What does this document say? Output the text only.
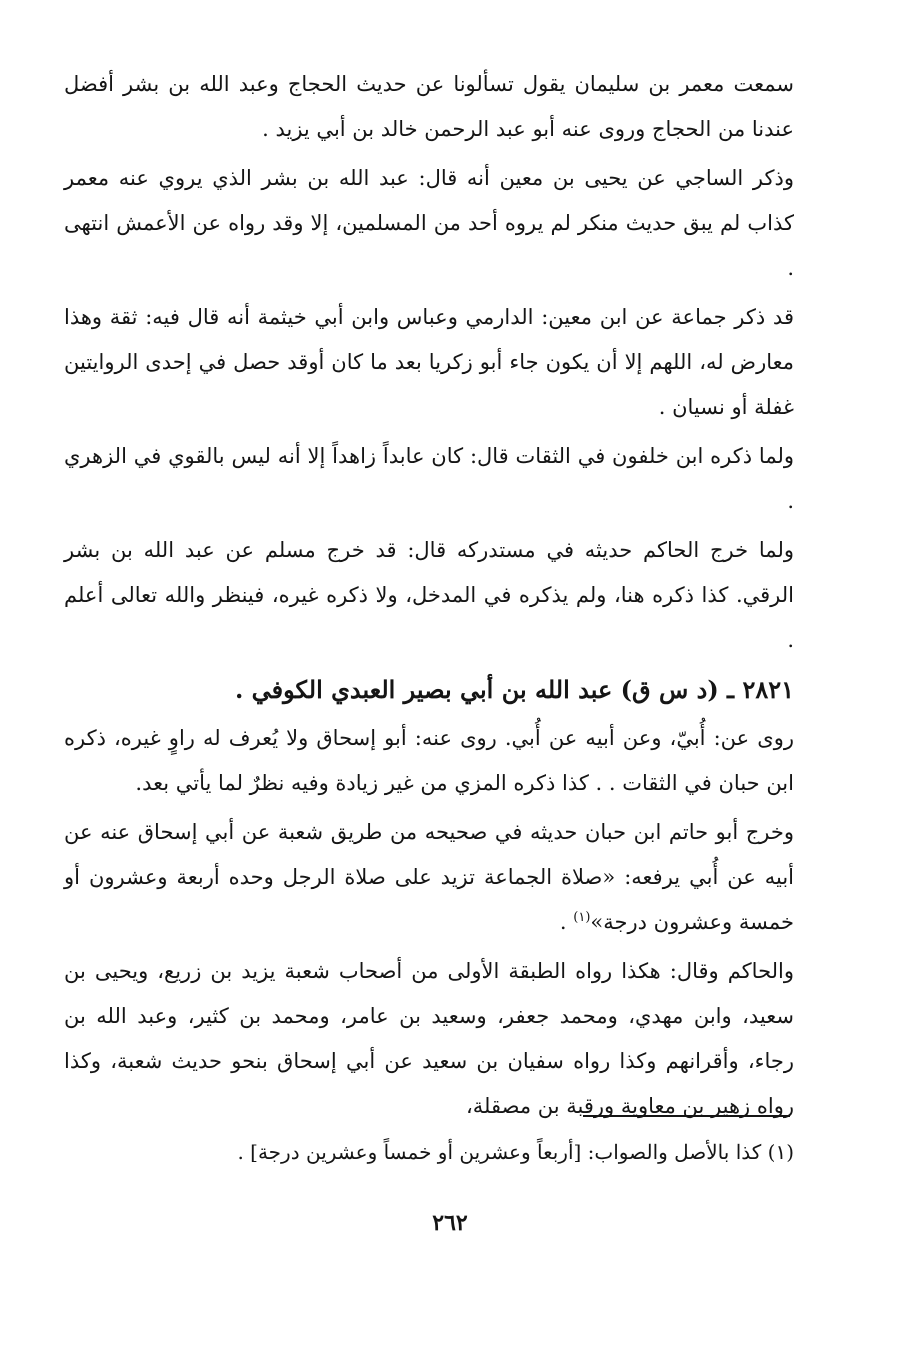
سمعت معمر بن سليمان يقول تسألونا عن حديث الحجاج وعبد الله بن بشر أفضل عندنا من الحجاج وروى عنه أبو عبد الرحمن خالد بن أبي يزيد .

وذكر الساجي عن يحيى بن معين أنه قال: عبد الله بن بشر الذي يروي عنه معمر كذاب لم يبق حديث منكر لم يروه أحد من المسلمين، إلا وقد رواه عن الأعمش انتهى .

قد ذكر جماعة عن ابن معين: الدارمي وعباس وابن أبي خيثمة أنه قال فيه: ثقة وهذا معارض له، اللهم إلا أن يكون جاء أبو زكريا بعد ما كان أوقد حصل في إحدى الروايتين غفلة أو نسيان .

ولما ذكره ابن خلفون في الثقات قال: كان عابداً زاهداً إلا أنه ليس بالقوي في الزهري .

ولما خرج الحاكم حديثه في مستدركه قال: قد خرج مسلم عن عبد الله بن بشر الرقي. كذا ذكره هنا، ولم يذكره في المدخل، ولا ذكره غيره، فينظر والله تعالى أعلم .

٢٨٢١ ـ (د س ق) عبد الله بن أبي بصير العبدي الكوفي .

روى عن: أُبيّ، وعن أبيه عن أُبي. روى عنه: أبو إسحاق ولا يُعرف له راوٍ غيره، ذكره ابن حبان في الثقات . . كذا ذكره المزي من غير زيادة وفيه نظرٌ لما يأتي بعد.

وخرج أبو حاتم ابن حبان حديثه في صحيحه من طريق شعبة عن أبي إسحاق عنه عن أبيه عن أُبي يرفعه: «صلاة الجماعة تزيد على صلاة الرجل وحده أربعة وعشرون أو خمسة وعشرون درجة»$^{(١)}$ .

والحاكم وقال: هكذا رواه الطبقة الأولى من أصحاب شعبة يزيد بن زريع، ويحيى بن سعيد، وابن مهدي، ومحمد جعفر، وسعيد بن عامر، ومحمد بن كثير، وعبد الله بن رجاء، وأقرانهم وكذا رواه سفيان بن سعيد عن أبي إسحاق بنحو حديث شعبة، وكذا رواه زهير بن معاوية ورقبة بن مصقلة،

(١) كذا بالأصل والصواب: [أربعاً وعشرين أو خمساً وعشرين درجة] .
٢٦٢
